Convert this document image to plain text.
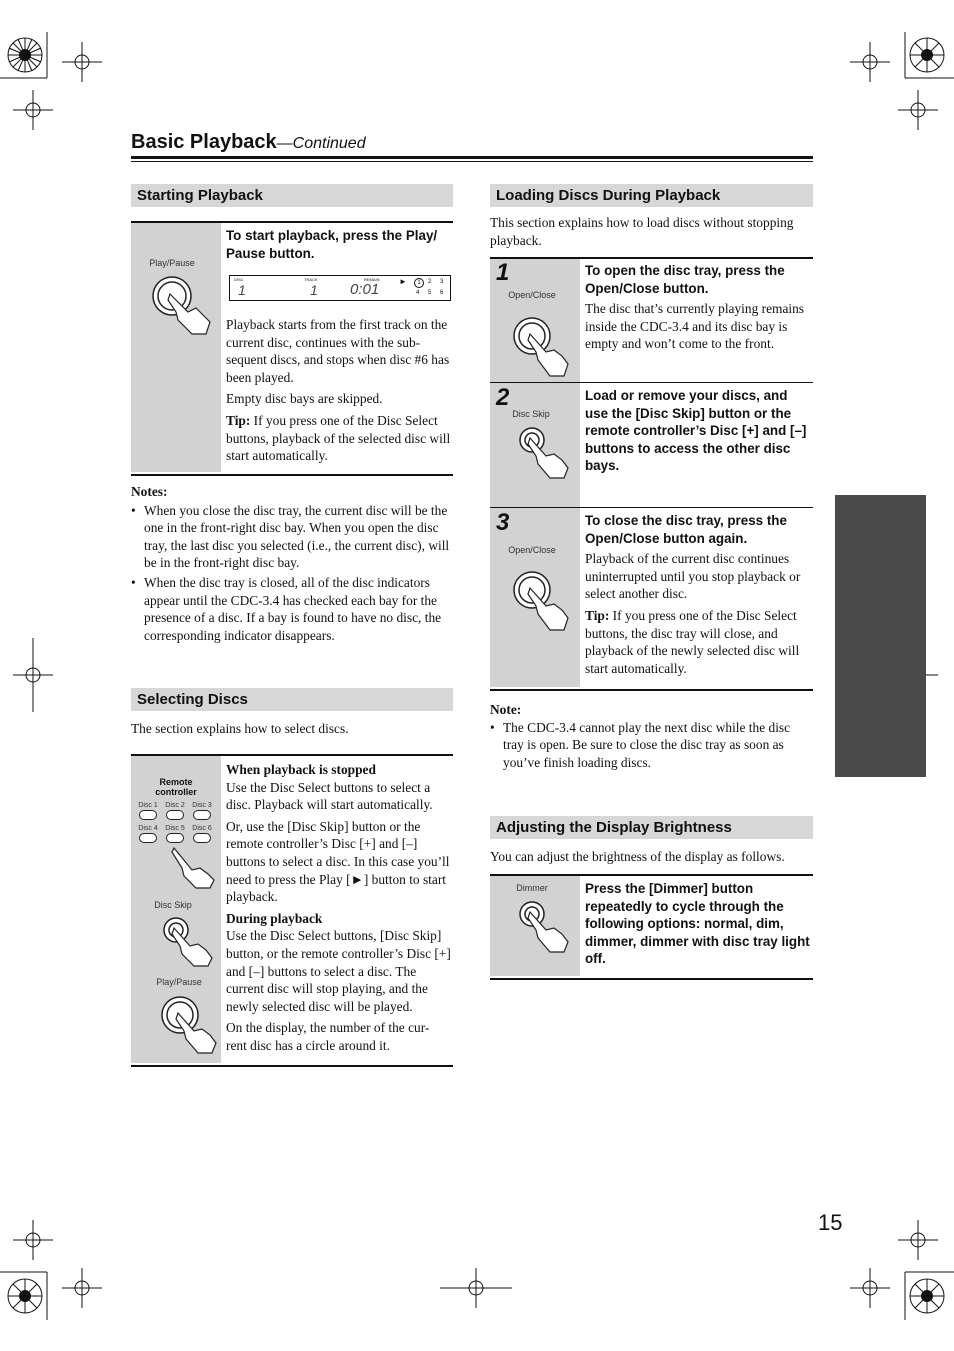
Basic Playback—Continued
Starting Playback
Play/Pause
To start playback, press the Play/ Pause button.
DISC	TRACK	REMAIN
1	1 0:01 ►	1	2 3
4 5 6

Playback starts from the first track on the current disc, continues with the sub- sequent discs, and stops when disc #6 has been played.

Empty disc bays are skipped.

Tip: If you press one of the Disc Select buttons, playback of the selected disc will start automatically.

Notes:
• When you close the disc tray, the current disc will be the one in the front-right disc bay. When you open the disc tray, the last disc you selected (i.e., the current disc), will be in the front-right disc bay.
• When the disc tray is closed, all of the disc indicators appear until the CDC-3.4 has checked each bay for the presence of a disc. If a bay is found to have no disc, the corresponding indicator disappears.
Selecting Discs
The section explains how to select discs.
Remote controller
Disc 1 Disc 2 Disc 3
Disc 4 Disc 5 Disc 6
Disc Skip
Play/Pause
When playback is stopped

Use the Disc Select buttons to select a disc. Playback will start automatically.

Or, use the [Disc Skip] button or the remote controller’s Disc [+] and [–] buttons to select a disc. In this case you’ll need to press the Play [►] button to start playback.

During playback

Use the Disc Select buttons, [Disc Skip] button, or the remote controller’s Disc [+] and [–] buttons to select a disc. The current disc will stop playing, and the newly selected disc will be played.

On the display, the number of the cur- rent disc has a circle around it.

Loading Discs During Playback
This section explains how to load discs without stopping playback.
1
Open/Close
To open the disc tray, press the Open/Close button.

The disc that’s currently playing remains inside the CDC-3.4 and its disc bay is empty and won’t come to the front.

2
Disc Skip
Load or remove your discs, and use the [Disc Skip] button or the remote controller’s Disc [+] and [–] buttons to access the other disc bays.
3
Open/Close
To close the disc tray, press the Open/Close button again.

Playback of the current disc continues uninterrupted until you stop playback or select another disc.

Tip: If you press one of the Disc Select buttons, the disc tray will close, and playback of the newly selected disc will start automatically.

Note:
• The CDC-3.4 cannot play the next disc while the disc tray is open. Be sure to close the disc tray as soon as you’ve finish loading discs.
Adjusting the Display Brightness
You can adjust the brightness of the display as follows.
Dimmer	Press the [Dimmer] button repeatedly to cycle through the following options: normal, dim, dimmer, dimmer with disc tray light off.
15
